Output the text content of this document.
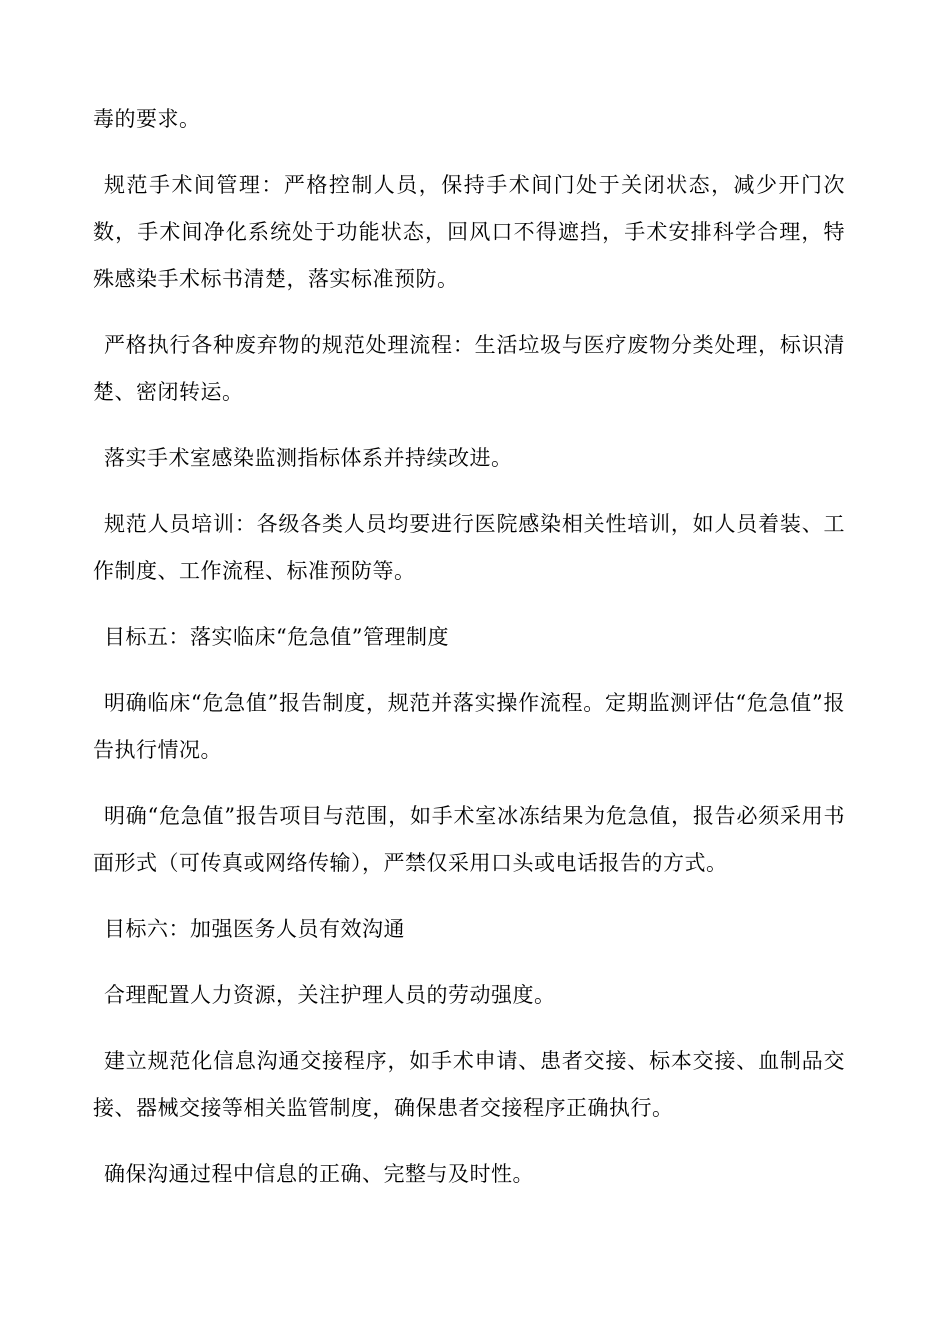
毒的要求。

规范手术间管理：严格控制人员，保持手术间门处于关闭状态，减少开门次数，手术间净化系统处于功能状态，回风口不得遮挡，手术安排科学合理，特殊感染手术标书清楚，落实标准预防。

严格执行各种废弃物的规范处理流程：生活垃圾与医疗废物分类处理，标识清楚、密闭转运。

落实手术室感染监测指标体系并持续改进。

规范人员培训：各级各类人员均要进行医院感染相关性培训，如人员着装、工作制度、工作流程、标准预防等。

目标五：落实临床“危急值”管理制度

明确临床“危急值”报告制度，规范并落实操作流程。定期监测评估“危急值”报告执行情况。

明确“危急值”报告项目与范围，如手术室冰冻结果为危急值，报告必须采用书面形式（可传真或网络传输），严禁仅采用口头或电话报告的方式。

目标六：加强医务人员有效沟通

合理配置人力资源，关注护理人员的劳动强度。

建立规范化信息沟通交接程序，如手术申请、患者交接、标本交接、血制品交接、器械交接等相关监管制度，确保患者交接程序正确执行。

确保沟通过程中信息的正确、完整与及时性。
